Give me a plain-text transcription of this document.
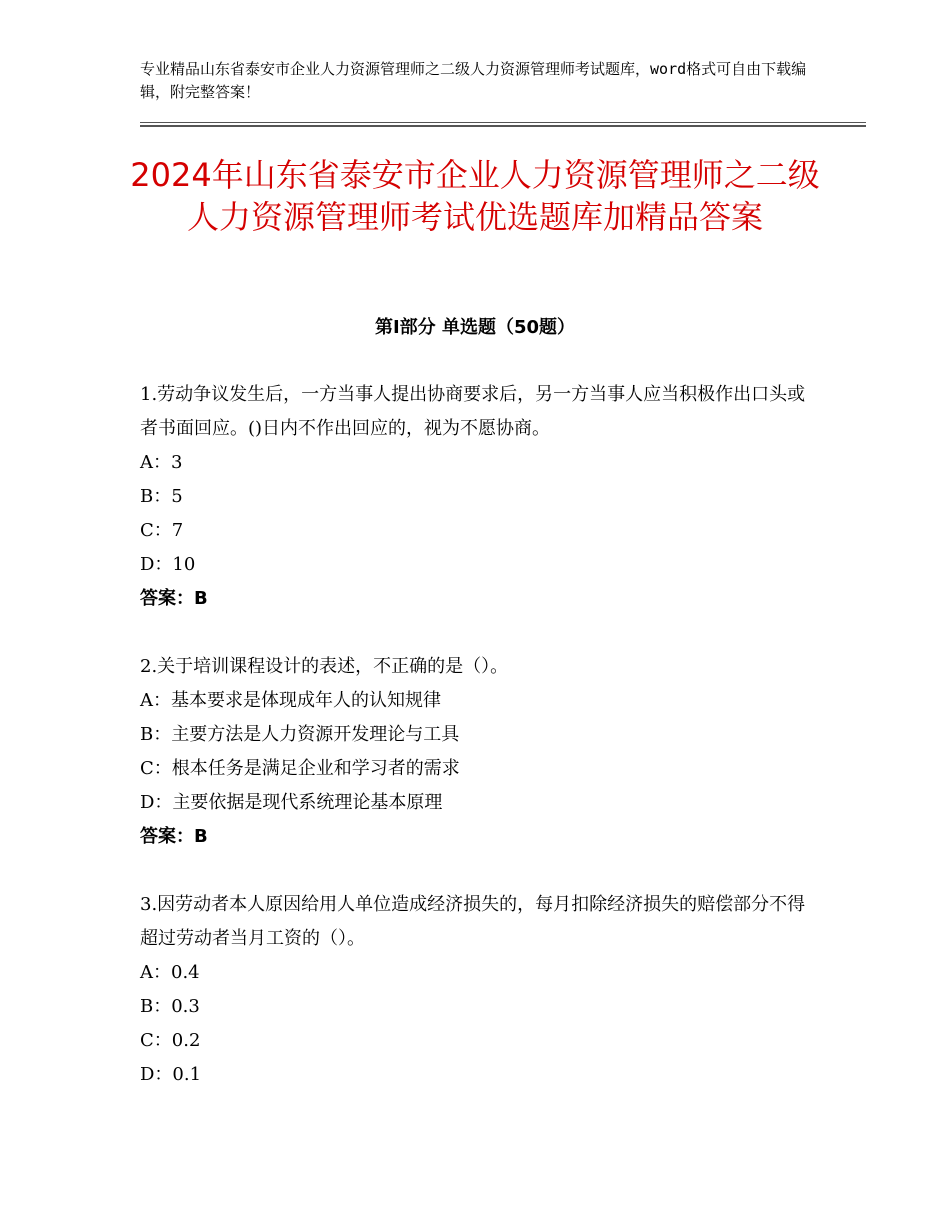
专业精品山东省泰安市企业人力资源管理师之二级人力资源管理师考试题库，word格式可自由下载编辑，附完整答案！
2024年山东省泰安市企业人力资源管理师之二级人力资源管理师考试优选题库加精品答案
第Ⅰ部分 单选题（50题）
1.劳动争议发生后，一方当事人提出协商要求后，另一方当事人应当积极作出口头或者书面回应。()日内不作出回应的，视为不愿协商。
A：3
B：5
C：7
D：10
答案：B
2.关于培训课程设计的表述，不正确的是（）。
A：基本要求是体现成年人的认知规律
B：主要方法是人力资源开发理论与工具
C：根本任务是满足企业和学习者的需求
D：主要依据是现代系统理论基本原理
答案：B
3.因劳动者本人原因给用人单位造成经济损失的，每月扣除经济损失的赔偿部分不得超过劳动者当月工资的（）。
A：0.4
B：0.3
C：0.2
D：0.1
